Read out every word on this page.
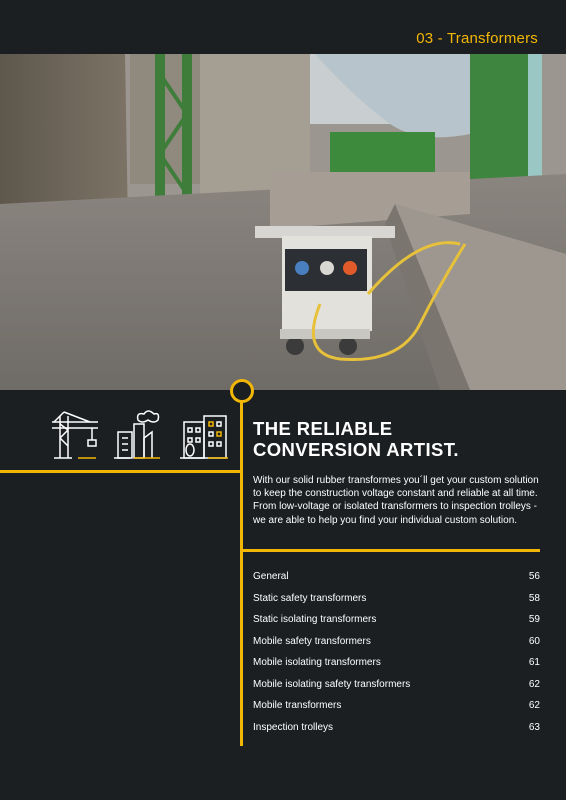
03 - Transformers
THE RELIABLE
CONVERSION ARTIST.
With our solid rubber transformes you´ll get your custom solution to keep the construction voltage constant and reliable at all time. From low-voltage or isolated transformers to inspection trolleys - we are able to help you find your individual custom solution.
General	56
Static safety transformers	58
Static isolating transformers	59
Mobile safety transformers	60
Mobile isolating transformers	61
Mobile isolating safety transformers	62
Mobile transformers	62
Inspection trolleys	63
